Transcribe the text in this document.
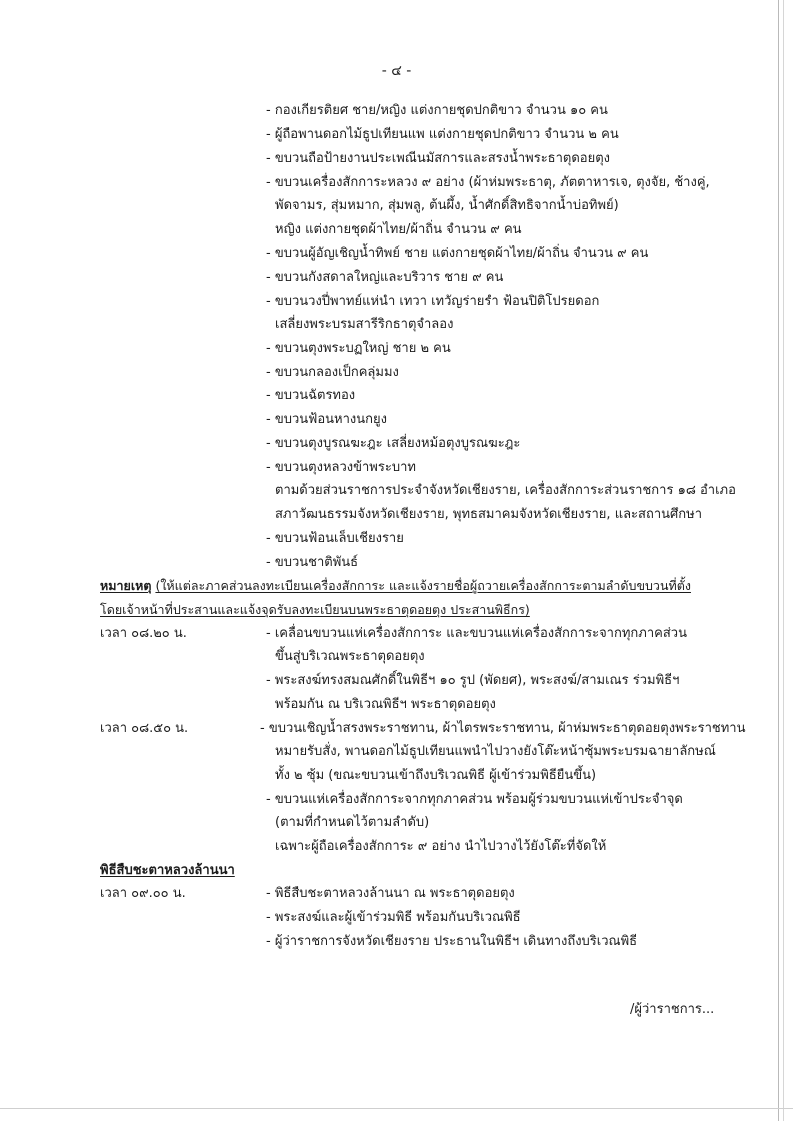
- ๔ -
- กองเกียรติยศ ชาย/หญิง แต่งกายชุดปกติขาว จำนวน ๑๐ คน
- ผู้ถือพานดอกไม้ธูปเทียนแพ แต่งกายชุดปกติขาว จำนวน ๒ คน
- ขบวนถือป้ายงานประเพณีนมัสการและสรงน้ำพระธาตุดอยตุง
- ขบวนเครื่องสักการะหลวง ๙ อย่าง (ผ้าห่มพระธาตุ, ภัตตาหารเจ, ตุงจัย, ช้างคู่,
พัดจามร, สุ่มหมาก, สุ่มพลู, ต้นผึ้ง, น้ำศักดิ์สิทธิจากน้ำบ่อทิพย์)
หญิง แต่งกายชุดผ้าไทย/ผ้าถิ่น จำนวน ๙ คน
- ขบวนผู้อัญเชิญน้ำทิพย์ ชาย แต่งกายชุดผ้าไทย/ผ้าถิ่น จำนวน ๙ คน
- ขบวนกังสดาลใหญ่และบริวาร ชาย ๙ คน
- ขบวนวงปี่พาทย์แห่นำ เทวา เทวัญร่ายรำ ฟ้อนปิติโปรยดอก
เสลี่ยงพระบรมสารีริกธาตุจำลอง
- ขบวนตุงพระบฏใหญ่ ชาย ๒ คน
- ขบวนกลองเป็กคลุ่มมง
- ขบวนฉัตรทอง
- ขบวนฟ้อนหางนกยูง
- ขบวนตุงบูรณฆะฎะ เสลี่ยงหม้อตุงบูรณฆะฎะ
- ขบวนตุงหลวงข้าพระบาท
ตามด้วยส่วนราชการประจำจังหวัดเชียงราย, เครื่องสักการะส่วนราชการ ๑๘ อำเภอ
สภาวัฒนธรรมจังหวัดเชียงราย, พุทธสมาคมจังหวัดเชียงราย, และสถานศึกษา
- ขบวนฟ้อนเล็บเชียงราย
- ขบวนชาติพันธ์
หมายเหตุ (ให้แต่ละภาคส่วนลงทะเบียนเครื่องสักการะ และแจ้งรายชื่อผู้ถวายเครื่องสักการะตามลำดับขบวนที่ตั้ง
โดยเจ้าหน้าที่ประสานและแจ้งจุดรับลงทะเบียนบนพระธาตุดอยตุง ประสานพิธีกร)
เวลา ๐๘.๒๐ น.	- เคลื่อนขบวนแห่เครื่องสักการะ และขบวนแห่เครื่องสักการะจากทุกภาคส่วน
ขึ้นสู่บริเวณพระธาตุดอยตุง
- พระสงฆ์ทรงสมณศักดิ์ในพิธีฯ ๑๐ รูป (พัดยศ), พระสงฆ์/สามเณร ร่วมพิธีฯ
พร้อมกัน ณ บริเวณพิธีฯ พระธาตุดอยตุง
เวลา ๐๘.๕๐ น.	- ขบวนเชิญน้ำสรงพระราชทาน, ผ้าไตรพระราชทาน, ผ้าห่มพระธาตุดอยตุงพระราชทาน
หมายรับสั่ง, พานดอกไม้ธูปเทียนแพนำไปวางยังโต๊ะหน้าซุ้มพระบรมฉายาลักษณ์
ทั้ง ๒ ซุ้ม (ขณะขบวนเข้าถึงบริเวณพิธี ผู้เข้าร่วมพิธียืนขึ้น)
- ขบวนแห่เครื่องสักการะจากทุกภาคส่วน พร้อมผู้ร่วมขบวนแห่เข้าประจำจุด
(ตามที่กำหนดไว้ตามลำดับ)
เฉพาะผู้ถือเครื่องสักการะ ๙ อย่าง นำไปวางไว้ยังโต๊ะที่จัดให้
พิธีสืบชะตาหลวงล้านนา
เวลา ๐๙.๐๐ น.	- พิธีสืบชะตาหลวงล้านนา ณ พระธาตุดอยตุง
- พระสงฆ์และผู้เข้าร่วมพิธี พร้อมกันบริเวณพิธี
- ผู้ว่าราชการจังหวัดเชียงราย ประธานในพิธีฯ เดินทางถึงบริเวณพิธี
/ผู้ว่าราชการ...
